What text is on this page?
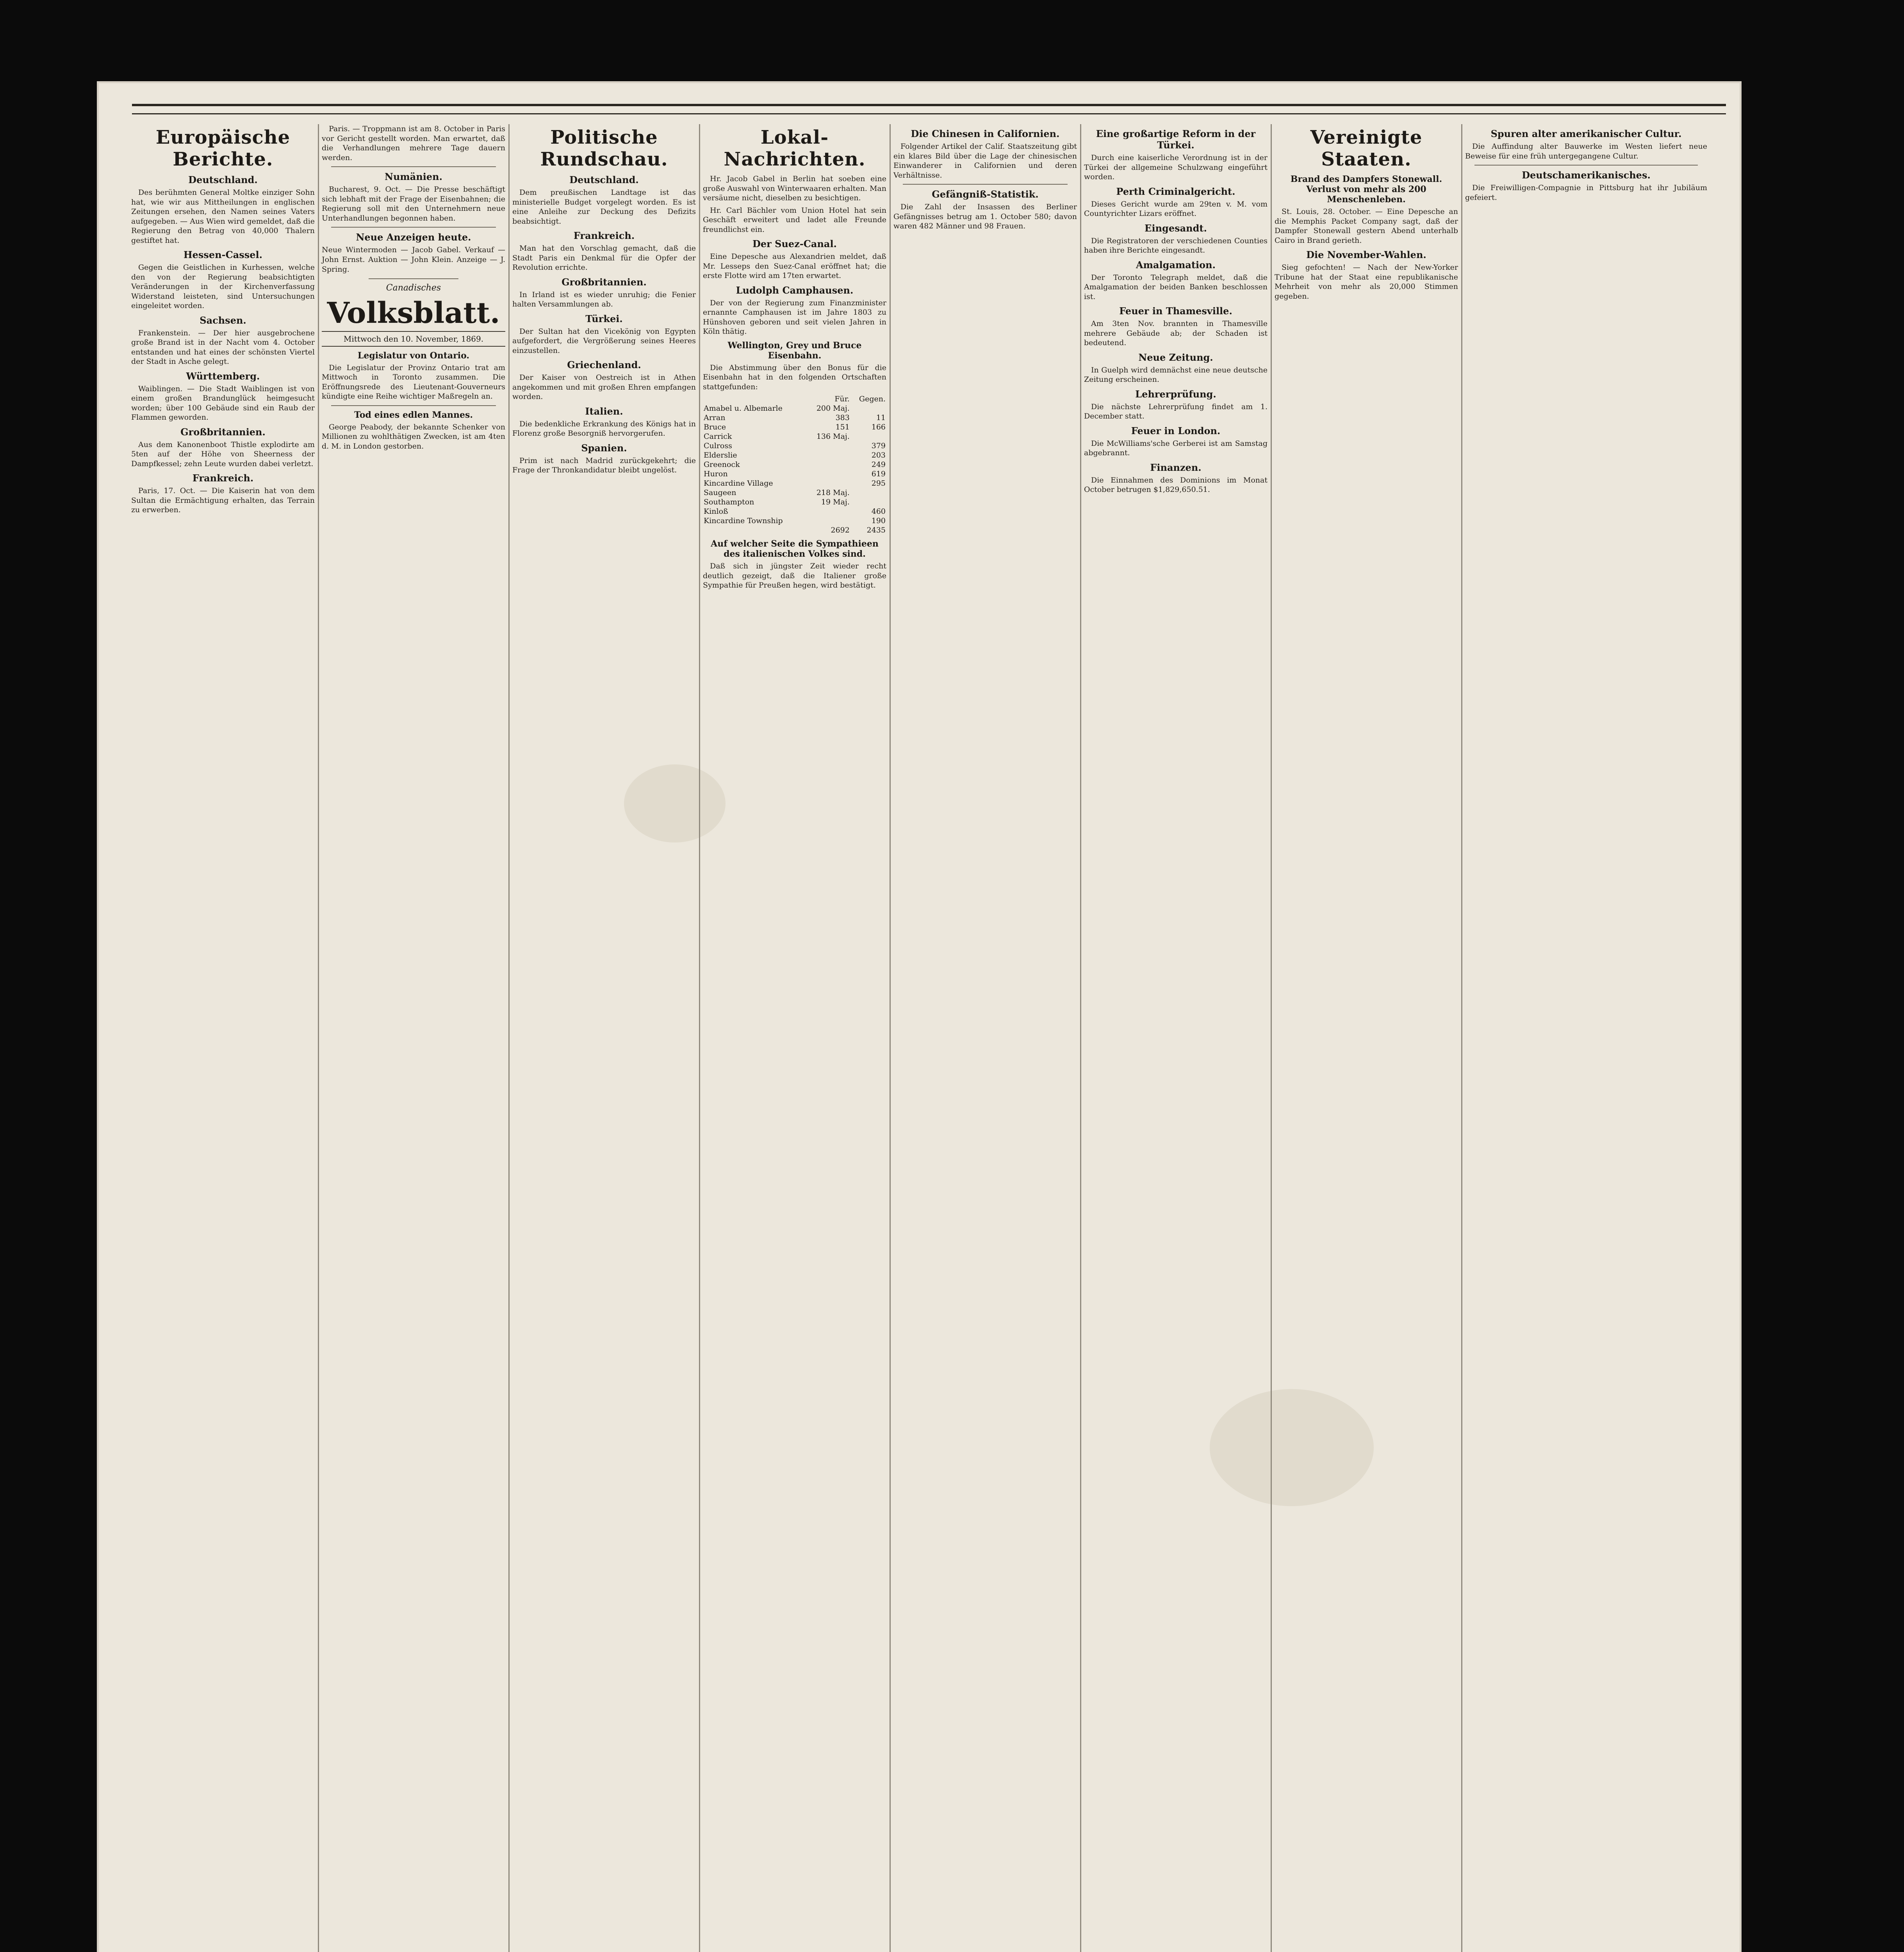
Europäische Berichte.
Deutschland.

Des berühmten General Moltke einziger Sohn hat, wie wir aus Mittheilungen in englischen Zeitungen ersehen, den Namen seines Vaters aufgegeben. — Aus Wien wird gemeldet, daß die Regierung den Betrag von 40,000 Thalern gestiftet hat.

Hessen-Cassel.

Gegen die Geistlichen in Kurhessen, welche den von der Regierung beabsichtigten Veränderungen in der Kirchenverfassung Widerstand leisteten, sind Untersuchungen eingeleitet worden.

Sachsen.

Frankenstein. — Der hier ausgebrochene große Brand ist in der Nacht vom 4. October entstanden und hat eines der schönsten Viertel der Stadt in Asche gelegt.

Württemberg.

Waiblingen. — Die Stadt Waiblingen ist von einem großen Brandunglück heimgesucht worden; über 100 Gebäude sind ein Raub der Flammen geworden.

Großbritannien.

Aus dem Kanonenboot Thistle explodirte am 5ten auf der Höhe von Sheerness der Dampfkessel; zehn Leute wurden dabei verletzt.

Frankreich.

Paris, 17. Oct. — Die Kaiserin hat von dem Sultan die Ermächtigung erhalten, das Terrain zu erwerben.

Paris. — Troppmann ist am 8. October in Paris vor Gericht gestellt worden. Man erwartet, daß die Verhandlungen mehrere Tage dauern werden.

Numänien.

Bucharest, 9. Oct. — Die Presse beschäftigt sich lebhaft mit der Frage der Eisenbahnen; die Regierung soll mit den Unternehmern neue Unterhandlungen begonnen haben.

Neue Anzeigen heute.

Neue Wintermoden — Jacob Gabel. Verkauf — John Ernst. Auktion — John Klein. Anzeige — J. Spring.

Canadisches
Volksblatt.
Mittwoch den 10. November, 1869.
Legislatur von Ontario.

Die Legislatur der Provinz Ontario trat am Mittwoch in Toronto zusammen. Die Eröffnungsrede des Lieutenant-Gouverneurs kündigte eine Reihe wichtiger Maßregeln an.

Tod eines edlen Mannes.

George Peabody, der bekannte Schenker von Millionen zu wohlthätigen Zwecken, ist am 4ten d. M. in London gestorben.

Politische Rundschau.
Deutschland.

Dem preußischen Landtage ist das ministerielle Budget vorgelegt worden. Es ist eine Anleihe zur Deckung des Defizits beabsichtigt.

Frankreich.

Man hat den Vorschlag gemacht, daß die Stadt Paris ein Denkmal für die Opfer der Revolution errichte.

Großbritannien.

In Irland ist es wieder unruhig; die Fenier halten Versammlungen ab.

Türkei.

Der Sultan hat den Vicekönig von Egypten aufgefordert, die Vergrößerung seines Heeres einzustellen.

Griechenland.

Der Kaiser von Oestreich ist in Athen angekommen und mit großen Ehren empfangen worden.

Italien.

Die bedenkliche Erkrankung des Königs hat in Florenz große Besorgniß hervorgerufen.

Spanien.

Prim ist nach Madrid zurückgekehrt; die Frage der Thronkandidatur bleibt ungelöst.

Lokal-Nachrichten.

Hr. Jacob Gabel in Berlin hat soeben eine große Auswahl von Winterwaaren erhalten. Man versäume nicht, dieselben zu besichtigen.

Hr. Carl Bächler vom Union Hotel hat sein Geschäft erweitert und ladet alle Freunde freundlichst ein.

Der Suez-Canal.

Eine Depesche aus Alexandrien meldet, daß Mr. Lesseps den Suez-Canal eröffnet hat; die erste Flotte wird am 17ten erwartet.

Ludolph Camphausen.

Der von der Regierung zum Finanzminister ernannte Camphausen ist im Jahre 1803 zu Hünshoven geboren und seit vielen Jahren in Köln thätig.

Wellington, Grey und Bruce Eisenbahn.

Die Abstimmung über den Bonus für die Eisenbahn hat in den folgenden Ortschaften stattgefunden:

	Für.	Gegen.
Amabel u. Albemarle	200 Maj.	
Arran	383	11
Bruce	151	166
Carrick	136 Maj.	
Culross		379
Elderslie		203
Greenock		249
Huron		619
Kincardine Village		295
Saugeen	218 Maj.	
Southampton	19 Maj.	
Kinloß		460
Kincardine Township		190
	2692	2435
Auf welcher Seite die Sympathieen des italienischen Volkes sind.

Daß sich in jüngster Zeit wieder recht deutlich gezeigt, daß die Italiener große Sympathie für Preußen hegen, wird bestätigt.

Die Chinesen in Californien.

Folgender Artikel der Calif. Staatszeitung gibt ein klares Bild über die Lage der chinesischen Einwanderer in Californien und deren Verhältnisse.

Gefängniß-Statistik.

Die Zahl der Insassen des Berliner Gefängnisses betrug am 1. October 580; davon waren 482 Männer und 98 Frauen.

Eine großartige Reform in der Türkei.

Durch eine kaiserliche Verordnung ist in der Türkei der allgemeine Schulzwang eingeführt worden.

Perth Criminalgericht.

Dieses Gericht wurde am 29ten v. M. vom Countyrichter Lizars eröffnet.

Eingesandt.

Die Registratoren der verschiedenen Counties haben ihre Berichte eingesandt.

Amalgamation.

Der Toronto Telegraph meldet, daß die Amalgamation der beiden Banken beschlossen ist.

Feuer in Thamesville.

Am 3ten Nov. brannten in Thamesville mehrere Gebäude ab; der Schaden ist bedeutend.

Neue Zeitung.

In Guelph wird demnächst eine neue deutsche Zeitung erscheinen.

Lehrerprüfung.

Die nächste Lehrerprüfung findet am 1. December statt.

Feuer in London.

Die McWilliams'sche Gerberei ist am Samstag abgebrannt.

Finanzen.

Die Einnahmen des Dominions im Monat October betrugen $1,829,650.51.

Vereinigte Staaten.
Brand des Dampfers Stonewall. Verlust von mehr als 200 Menschenleben.

St. Louis, 28. October. — Eine Depesche an die Memphis Packet Company sagt, daß der Dampfer Stonewall gestern Abend unterhalb Cairo in Brand gerieth.

Die November-Wahlen.

Sieg gefochten! — Nach der New-Yorker Tribune hat der Staat eine republikanische Mehrheit von mehr als 20,000 Stimmen gegeben.

Spuren alter amerikanischer Cultur.

Die Auffindung alter Bauwerke im Westen liefert neue Beweise für eine früh untergegangene Cultur.

Deutschamerikanisches.

Die Freiwilligen-Compagnie in Pittsburg hat ihr Jubiläum gefeiert.
